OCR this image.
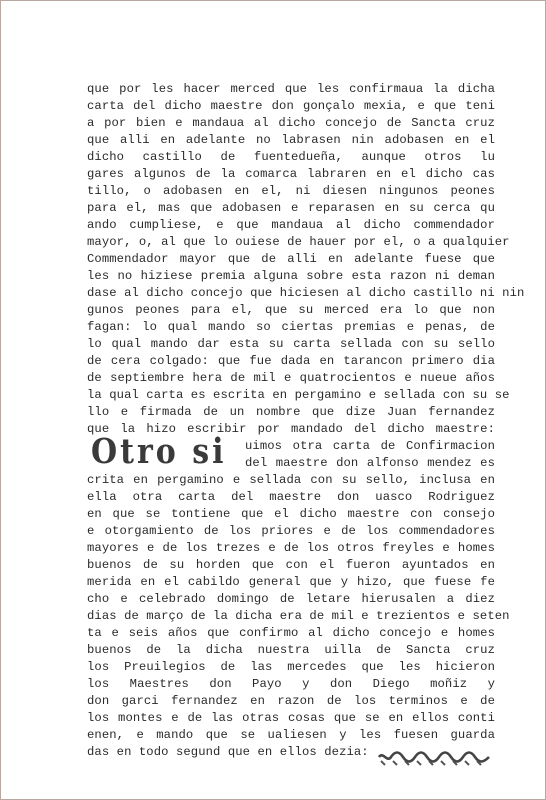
que por les hacer merced que les confirmaua la dicha
carta del dicho maestre don gonçalo mexia, e que teni
a por bien e mandaua al dicho concejo de Sancta cruz
que alli en adelante no labrasen nin adobasen en el
dicho castillo de fuentedueña, aunque otros lu
gares algunos de la comarca labraren en el dicho cas
tillo, o adobasen en el, ni diesen ningunos peones
para el, mas que adobasen e reparasen en su cerca qu
ando cumpliese, e que mandaua al dicho commendador
mayor, o, al que lo ouiese de hauer por el, o a qualquier
Commendador mayor que de alli en adelante fuese que
les no hiziese premia alguna sobre esta razon ni deman
dase al dicho concejo que hiciesen al dicho castillo ni nin
gunos peones para el, que su merced era lo que non
fagan: lo qual mando so ciertas premias e penas, de
lo qual mando dar esta su carta sellada con su sello
de cera colgado: que fue dada en tarancon primero dia
de septiembre hera de mil e quatrocientos e nueue años
la qual carta es escrita en pergamino e sellada con su se
llo e firmada de un nombre que dize Juan fernandez
que la hizo escribir por mandado del dicho maestre:
uimos otra carta de Confirmacion
del maestre don alfonso mendez es
crita en pergamino e sellada con su sello, inclusa en
ella otra carta del maestre don uasco Rodriguez
en que se tontiene que el dicho maestre con consejo
e otorgamiento de los priores e de los commendadores
mayores e de los trezes e de los otros freyles e homes
buenos de su horden que con el fueron ayuntados en
merida en el cabildo general que y hizo, que fuese fe
cho e celebrado domingo de letare hierusalen a diez
dias de março de la dicha era de mil e trezientos e seten
ta e seis años que confirmo al dicho concejo e homes
buenos de la dicha nuestra uilla de Sancta cruz
los Preuilegios de las mercedes que les hicieron
los Maestres don Payo y don Diego moñiz y
don garci fernandez en razon de los terminos e de
los montes e de las otras cosas que se en ellos conti
enen, e mando que se ualiesen y les fuesen guarda
das en todo segund que en ellos dezia:
Otro si
